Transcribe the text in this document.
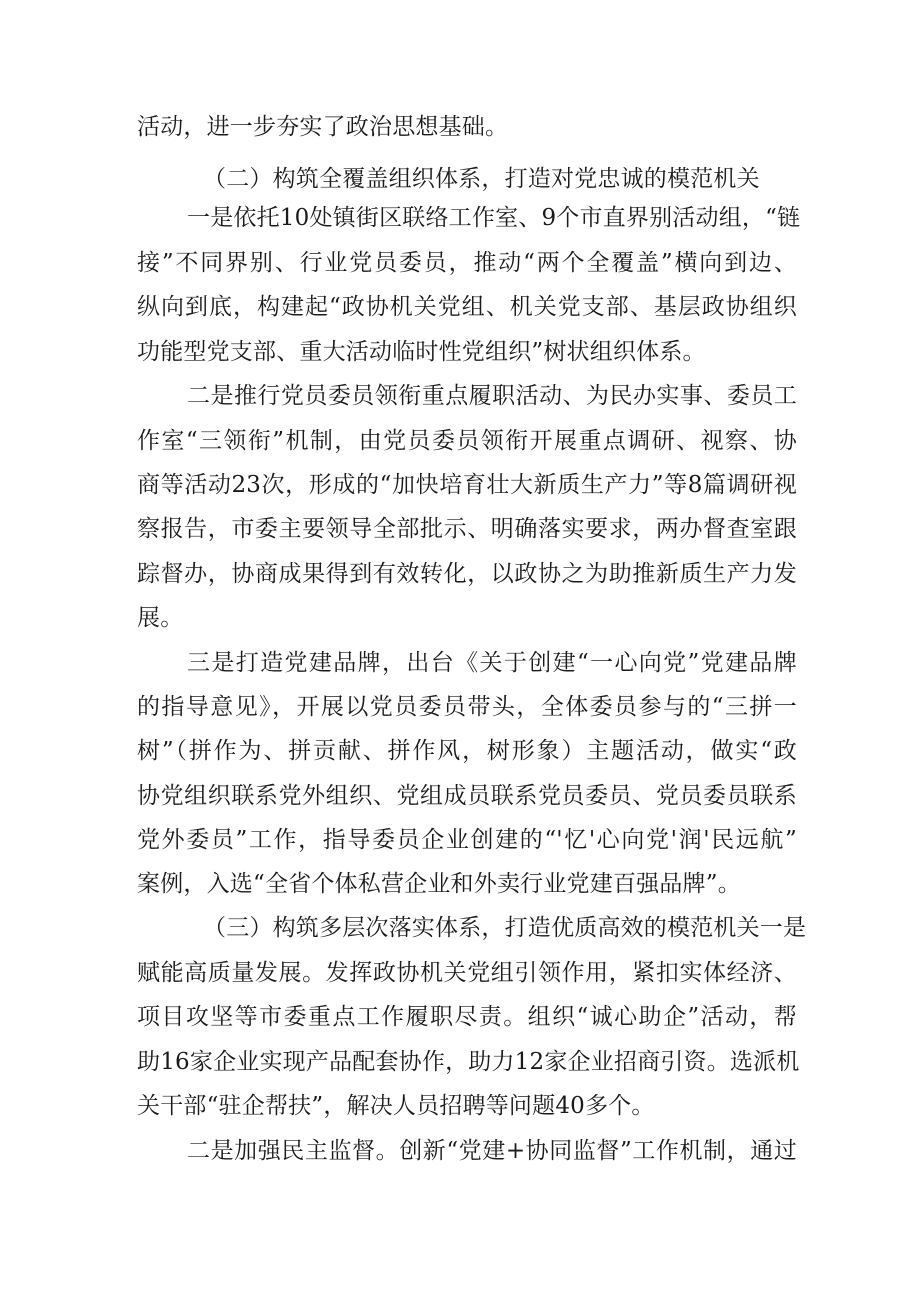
活动，进一步夯实了政治思想基础。
（二）构筑全覆盖组织体系，打造对党忠诚的模范机关
一是依托10处镇街区联络工作室、9个市直界别活动组，“链
接”不同界别、行业党员委员，推动“两个全覆盖”横向到边、
纵向到底，构建起“政协机关党组、机关党支部、基层政协组织
功能型党支部、重大活动临时性党组织”树状组织体系。
二是推行党员委员领衔重点履职活动、为民办实事、委员工
作室“三领衔”机制，由党员委员领衔开展重点调研、视察、协
商等活动23次，形成的“加快培育壮大新质生产力”等8篇调研视
察报告，市委主要领导全部批示、明确落实要求，两办督查室跟
踪督办，协商成果得到有效转化，以政协之为助推新质生产力发
展。
三是打造党建品牌，出台《关于创建“一心向党”党建品牌
的指导意见》，开展以党员委员带头，全体委员参与的“三拼一
树”（拼作为、拼贡献、拼作风，树形象）主题活动，做实“政
协党组织联系党外组织、党组成员联系党员委员、党员委员联系
党外委员”工作，指导委员企业创建的“'忆'心向党'润'民远航”
案例，入选“全省个体私营企业和外卖行业党建百强品牌”。
（三）构筑多层次落实体系，打造优质高效的模范机关一是
赋能高质量发展。发挥政协机关党组引领作用，紧扣实体经济、
项目攻坚等市委重点工作履职尽责。组织“诚心助企”活动，帮
助16家企业实现产品配套协作，助力12家企业招商引资。选派机
关干部“驻企帮扶”，解决人员招聘等问题40多个。
二是加强民主监督。创新“党建+协同监督”工作机制，通过
